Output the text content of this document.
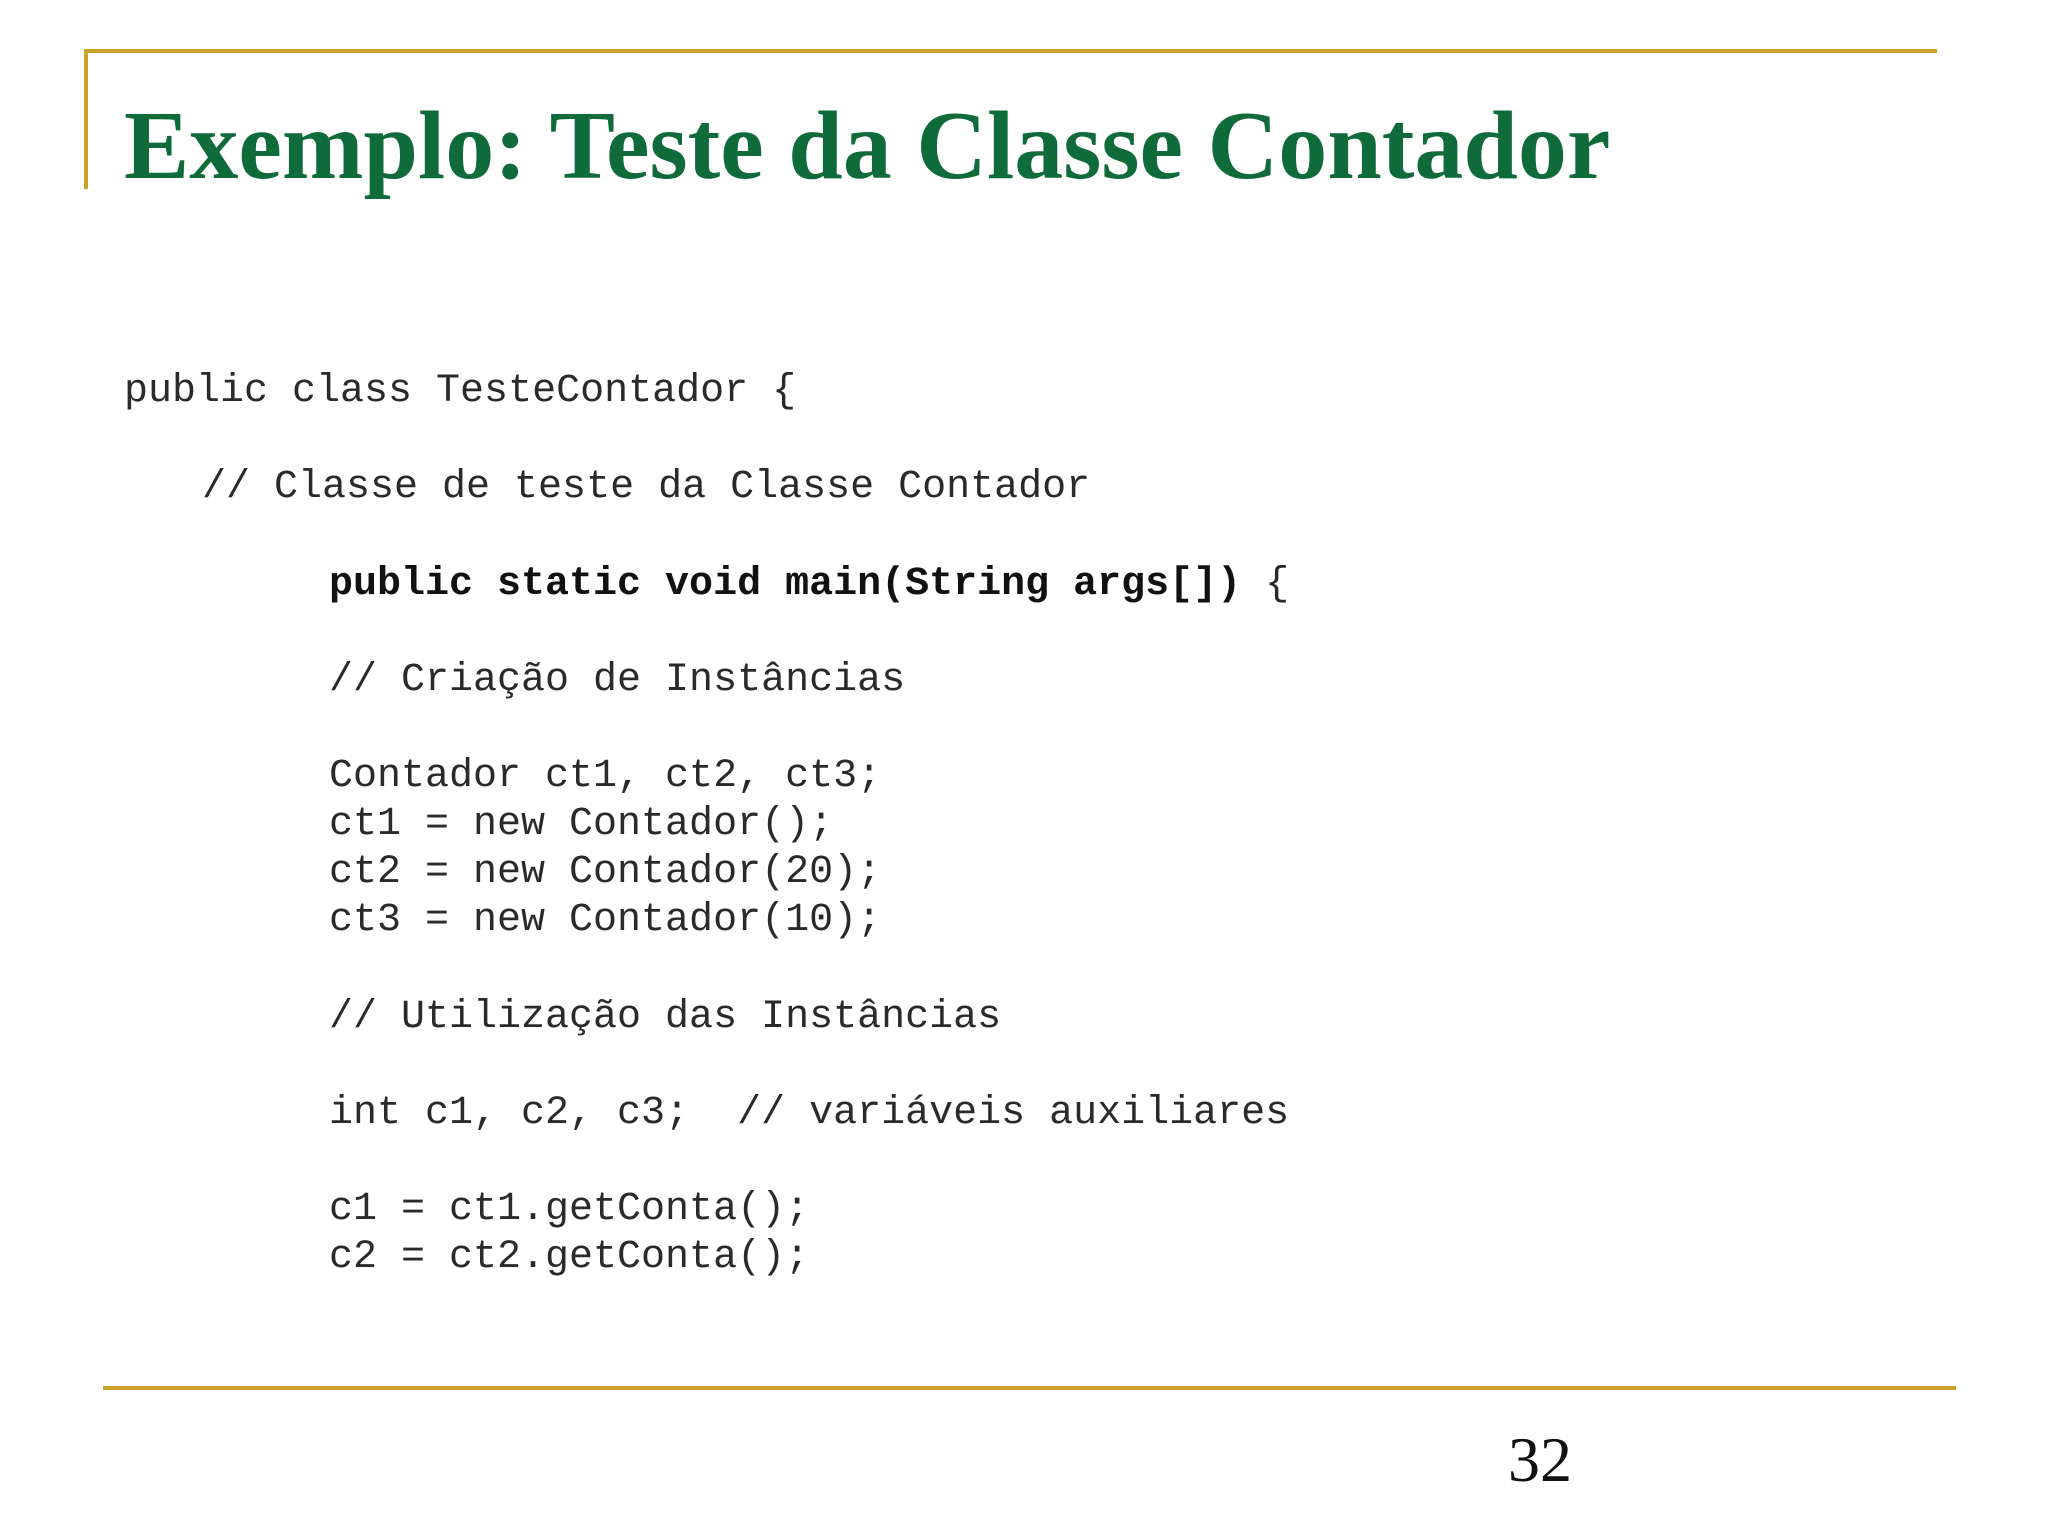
Exemplo: Teste da Classe Contador

public class TesteContador {

// Classe de teste da Classe Contador

public static void main(String args[]) {

// Criação de Instâncias

Contador ct1, ct2, ct3;

ct1 = new Contador();

ct2 = new Contador(20);

ct3 = new Contador(10);

// Utilização das Instâncias

int c1, c2, c3;  // variáveis auxiliares

c1 = ct1.getConta();

c2 = ct2.getConta();

32
